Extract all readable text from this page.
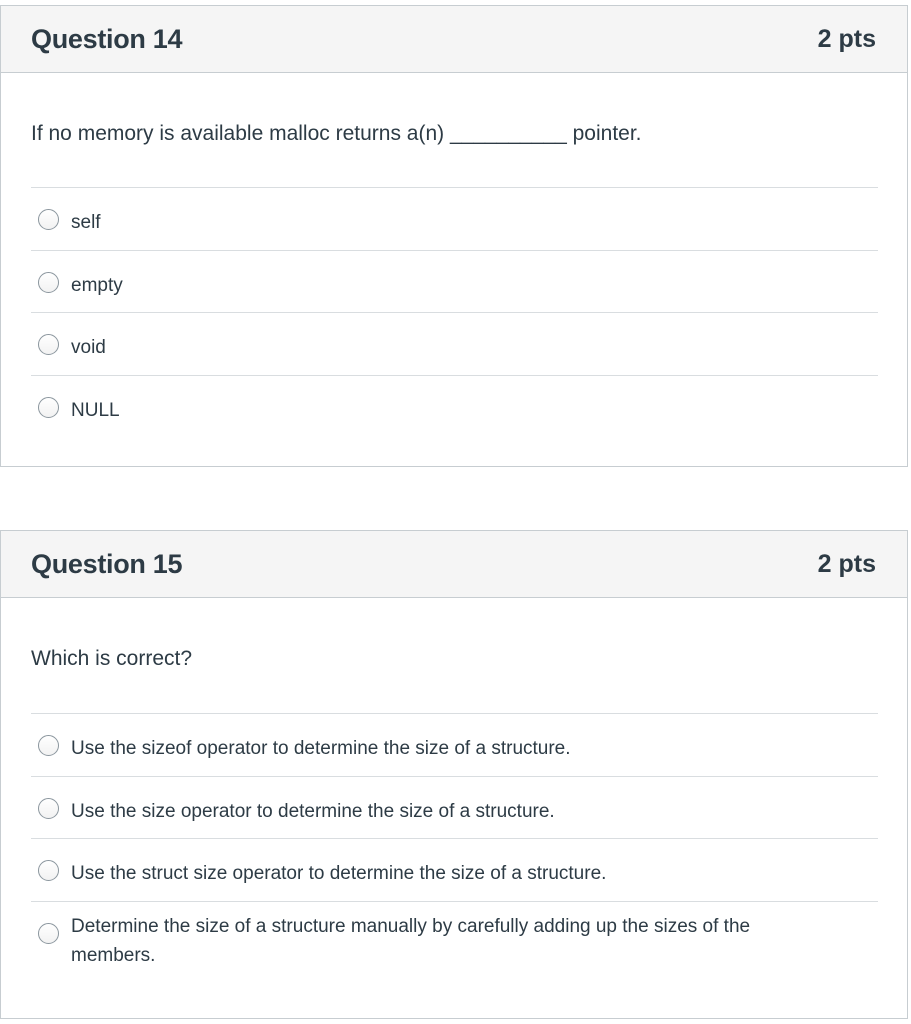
Question 14	2 pts
If no memory is available malloc returns a(n) __________ pointer.
self
empty
void
NULL
Question 15	2 pts
Which is correct?
Use the sizeof operator to determine the size of a structure.
Use the size operator to determine the size of a structure.
Use the struct size operator to determine the size of a structure.
Determine the size of a structure manually by carefully adding up the sizes of the members.
